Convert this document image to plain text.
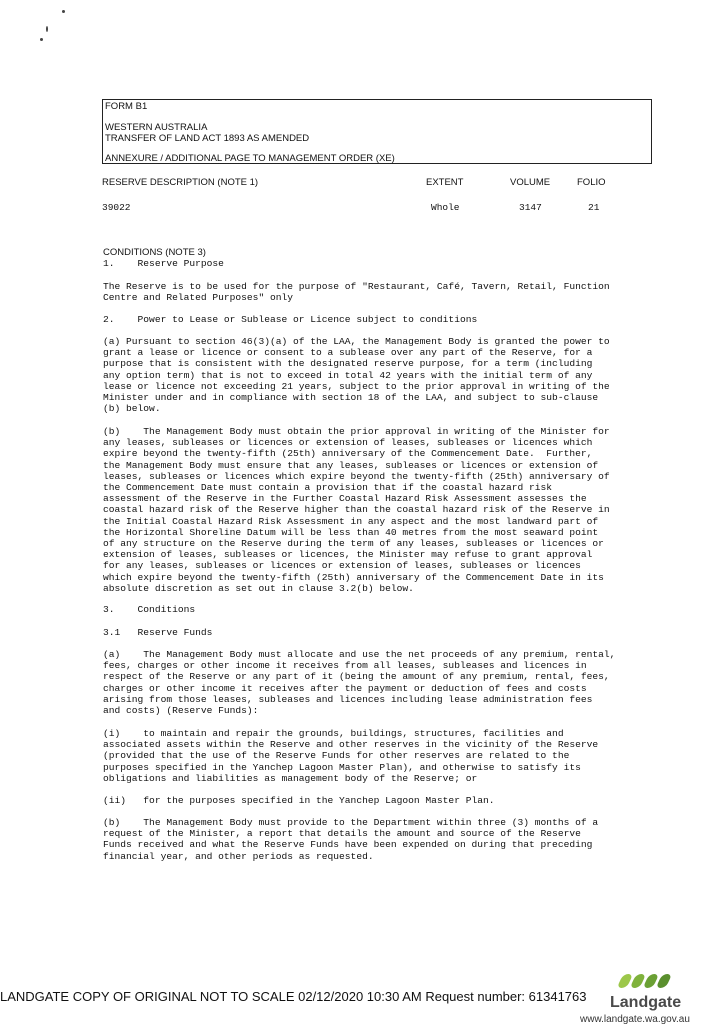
FORM B1
WESTERN AUSTRALIA
TRANSFER OF LAND ACT 1893 AS AMENDED
ANNEXURE / ADDITIONAL PAGE TO MANAGEMENT ORDER (XE)
RESERVE DESCRIPTION (NOTE 1)	EXTENT	VOLUME	FOLIO
39022	Whole	3147	21
CONDITIONS (NOTE 3)
1.    Reserve Purpose
The Reserve is to be used for the purpose of "Restaurant, Café, Tavern, Retail, Function
Centre and Related Purposes" only
2.    Power to Lease or Sublease or Licence subject to conditions
(a) Pursuant to section 46(3)(a) of the LAA, the Management Body is granted the power to
grant a lease or licence or consent to a sublease over any part of the Reserve, for a
purpose that is consistent with the designated reserve purpose, for a term (including
any option term) that is not to exceed in total 42 years with the initial term of any
lease or licence not exceeding 21 years, subject to the prior approval in writing of the
Minister under and in compliance with section 18 of the LAA, and subject to sub-clause
(b) below.
(b)    The Management Body must obtain the prior approval in writing of the Minister for
any leases, subleases or licences or extension of leases, subleases or licences which
expire beyond the twenty-fifth (25th) anniversary of the Commencement Date.  Further,
the Management Body must ensure that any leases, subleases or licences or extension of
leases, subleases or licences which expire beyond the twenty-fifth (25th) anniversary of
the Commencement Date must contain a provision that if the coastal hazard risk
assessment of the Reserve in the Further Coastal Hazard Risk Assessment assesses the
coastal hazard risk of the Reserve higher than the coastal hazard risk of the Reserve in
the Initial Coastal Hazard Risk Assessment in any aspect and the most landward part of
the Horizontal Shoreline Datum will be less than 40 metres from the most seaward point
of any structure on the Reserve during the term of any leases, subleases or licences or
extension of leases, subleases or licences, the Minister may refuse to grant approval
for any leases, subleases or licences or extension of leases, subleases or licences
which expire beyond the twenty-fifth (25th) anniversary of the Commencement Date in its
absolute discretion as set out in clause 3.2(b) below.
3.    Conditions
3.1   Reserve Funds
(a)    The Management Body must allocate and use the net proceeds of any premium, rental,
fees, charges or other income it receives from all leases, subleases and licences in
respect of the Reserve or any part of it (being the amount of any premium, rental, fees,
charges or other income it receives after the payment or deduction of fees and costs
arising from those leases, subleases and licences including lease administration fees
and costs) (Reserve Funds):
(i)    to maintain and repair the grounds, buildings, structures, facilities and
associated assets within the Reserve and other reserves in the vicinity of the Reserve
(provided that the use of the Reserve Funds for other reserves are related to the
purposes specified in the Yanchep Lagoon Master Plan), and otherwise to satisfy its
obligations and liabilities as management body of the Reserve; or
(ii)   for the purposes specified in the Yanchep Lagoon Master Plan.
(b)    The Management Body must provide to the Department within three (3) months of a
request of the Minister, a report that details the amount and source of the Reserve
Funds received and what the Reserve Funds have been expended on during that preceding
financial year, and other periods as requested.
LANDGATE COPY OF ORIGINAL NOT TO SCALE 02/12/2020 10:30 AM Request number: 61341763 Landgate
www.landgate.wa.gov.au
